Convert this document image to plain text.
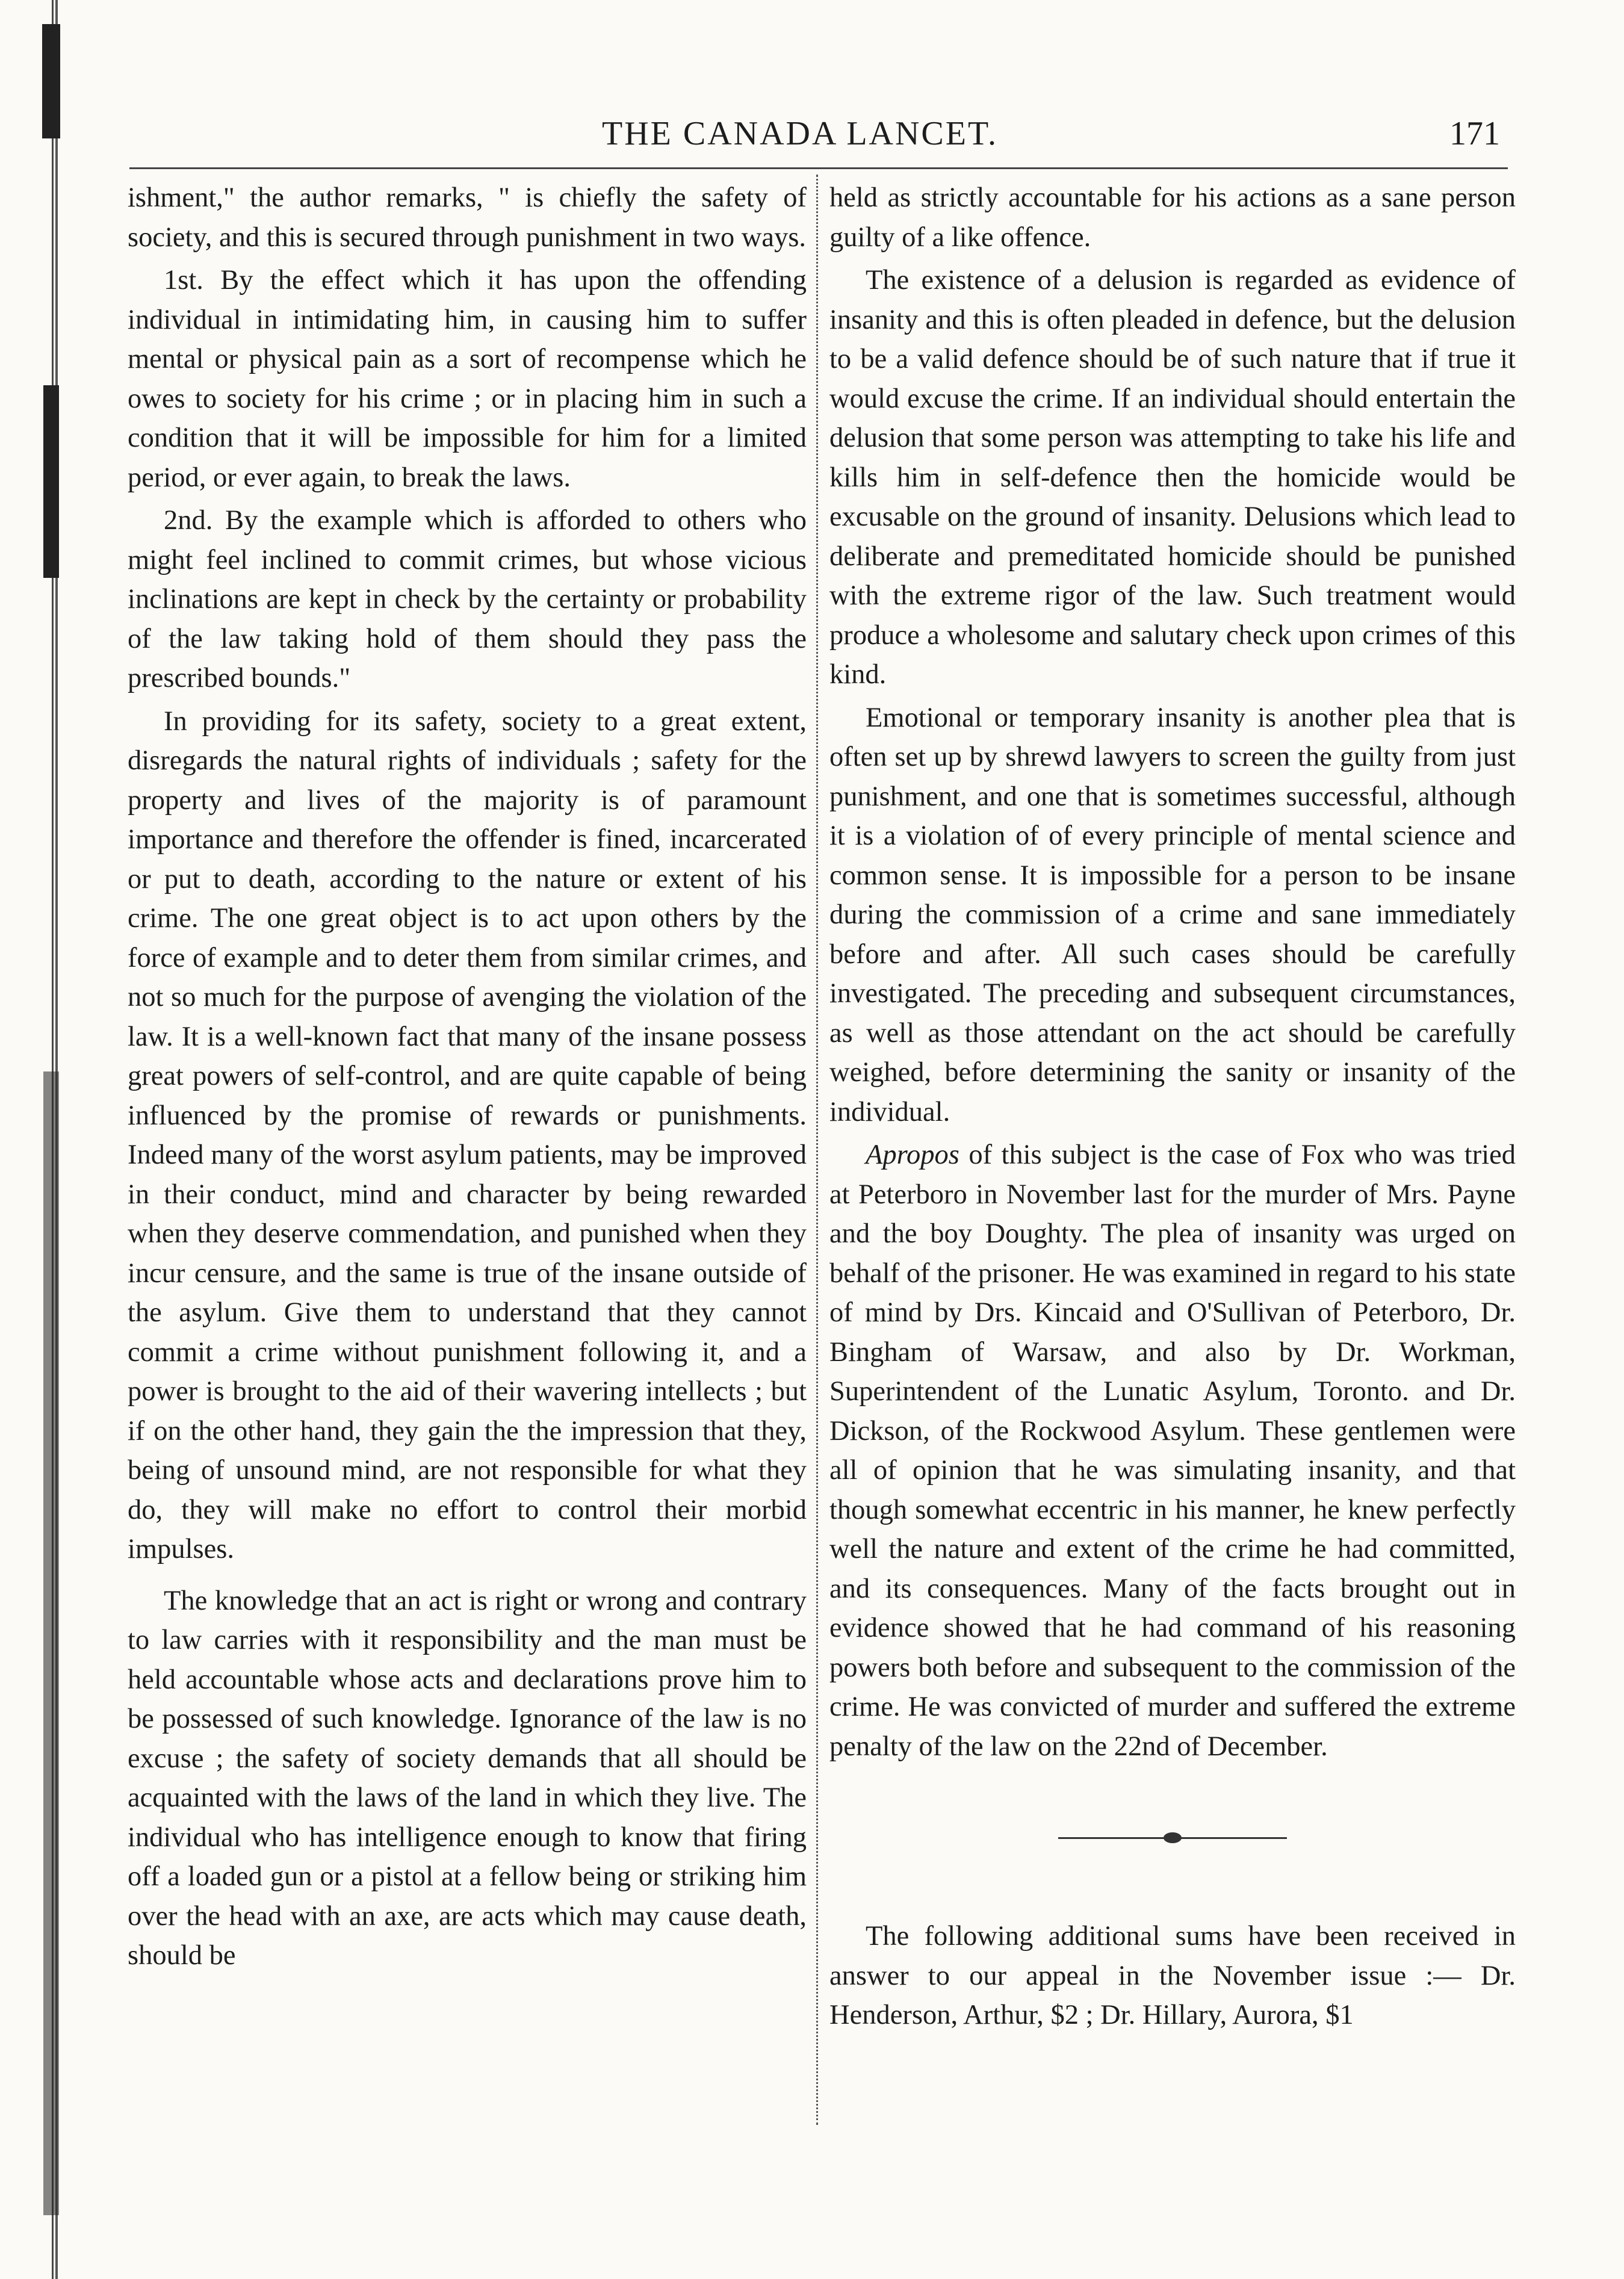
THE CANADA LANCET.	171

ishment," the author remarks, " is chiefly the safety of society, and this is secured through punishment in two ways.

1st. By the effect which it has upon the offending individual in intimidating him, in causing him to suffer mental or physical pain as a sort of recompense which he owes to society for his crime ; or in placing him in such a condition that it will be impossible for him for a limited period, or ever again, to break the laws.

2nd. By the example which is afforded to others who might feel inclined to commit crimes, but whose vicious inclinations are kept in check by the certainty or probability of the law taking hold of them should they pass the prescribed bounds."

In providing for its safety, society to a great extent, disregards the natural rights of individuals ; safety for the property and lives of the majority is of paramount importance and therefore the offender is fined, incarcerated or put to death, according to the nature or extent of his crime. The one great object is to act upon others by the force of example and to deter them from similar crimes, and not so much for the purpose of avenging the violation of the law. It is a well-known fact that many of the insane possess great powers of self-control, and are quite capable of being influenced by the promise of rewards or punishments. Indeed many of the worst asylum patients, may be improved in their conduct, mind and character by being rewarded when they deserve commendation, and punished when they incur censure, and the same is true of the insane outside of the asylum. Give them to understand that they cannot commit a crime without punishment following it, and a power is brought to the aid of their wavering intellects ; but if on the other hand, they gain the the impression that they, being of unsound mind, are not responsible for what they do, they will make no effort to control their morbid impulses.

The knowledge that an act is right or wrong and contrary to law carries with it responsibility and the man must be held accountable whose acts and declarations prove him to be possessed of such knowledge. Ignorance of the law is no excuse ; the safety of society demands that all should be acquainted with the laws of the land in which they live. The individual who has intelligence enough to know that firing off a loaded gun or a pistol at a fellow being or striking him over the head with an axe, are acts which may cause death, should be

held as strictly accountable for his actions as a sane person guilty of a like offence.

The existence of a delusion is regarded as evidence of insanity and this is often pleaded in defence, but the delusion to be a valid defence should be of such nature that if true it would excuse the crime. If an individual should entertain the delusion that some person was attempting to take his life and kills him in self-defence then the homicide would be excusable on the ground of insanity. Delusions which lead to deliberate and premeditated homicide should be punished with the extreme rigor of the law. Such treatment would produce a wholesome and salutary check upon crimes of this kind.

Emotional or temporary insanity is another plea that is often set up by shrewd lawyers to screen the guilty from just punishment, and one that is sometimes successful, although it is a violation of of every principle of mental science and common sense. It is impossible for a person to be insane during the commission of a crime and sane immediately before and after. All such cases should be carefully investigated. The preceding and subsequent circumstances, as well as those attendant on the act should be carefully weighed, before determining the sanity or insanity of the individual.

Apropos of this subject is the case of Fox who was tried at Peterboro in November last for the murder of Mrs. Payne and the boy Doughty. The plea of insanity was urged on behalf of the prisoner. He was examined in regard to his state of mind by Drs. Kincaid and O'Sullivan of Peterboro, Dr. Bingham of Warsaw, and also by Dr. Workman, Superintendent of the Lunatic Asylum, Toronto. and Dr. Dickson, of the Rockwood Asylum. These gentlemen were all of opinion that he was simulating insanity, and that though somewhat eccentric in his manner, he knew perfectly well the nature and extent of the crime he had committed, and its consequences. Many of the facts brought out in evidence showed that he had command of his reasoning powers both before and subsequent to the commission of the crime. He was convicted of murder and suffered the extreme penalty of the law on the 22nd of December.

The following additional sums have been received in answer to our appeal in the November issue :— Dr. Henderson, Arthur, $2 ; Dr. Hillary, Aurora, $1
